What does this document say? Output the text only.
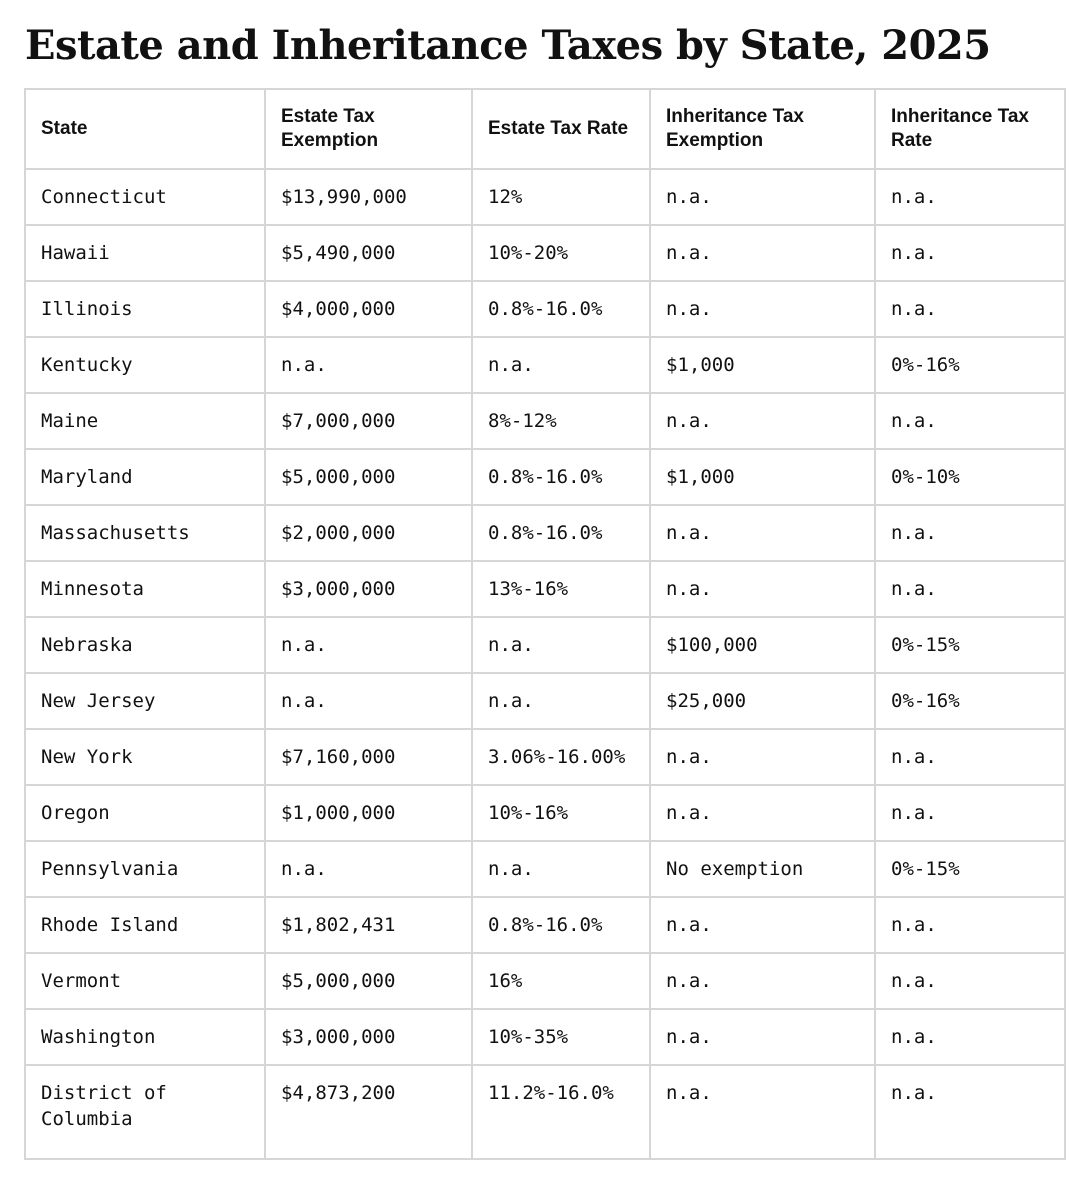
Estate and Inheritance Taxes by State, 2025
State	Estate Tax Exemption	Estate Tax Rate	Inheritance Tax Exemption	Inheritance Tax Rate
Connecticut	$13,990,000	12%	n.a.	n.a.
Hawaii	$5,490,000	10%-20%	n.a.	n.a.
Illinois	$4,000,000	0.8%-16.0%	n.a.	n.a.
Kentucky	n.a.	n.a.	$1,000	0%-16%
Maine	$7,000,000	8%-12%	n.a.	n.a.
Maryland	$5,000,000	0.8%-16.0%	$1,000	0%-10%
Massachusetts	$2,000,000	0.8%-16.0%	n.a.	n.a.
Minnesota	$3,000,000	13%-16%	n.a.	n.a.
Nebraska	n.a.	n.a.	$100,000	0%-15%
New Jersey	n.a.	n.a.	$25,000	0%-16%
New York	$7,160,000	3.06%-16.00%	n.a.	n.a.
Oregon	$1,000,000	10%-16%	n.a.	n.a.
Pennsylvania	n.a.	n.a.	No exemption	0%-15%
Rhode Island	$1,802,431	0.8%-16.0%	n.a.	n.a.
Vermont	$5,000,000	16%	n.a.	n.a.
Washington	$3,000,000	10%-35%	n.a.	n.a.
District of Columbia	$4,873,200	11.2%-16.0%	n.a.	n.a.
